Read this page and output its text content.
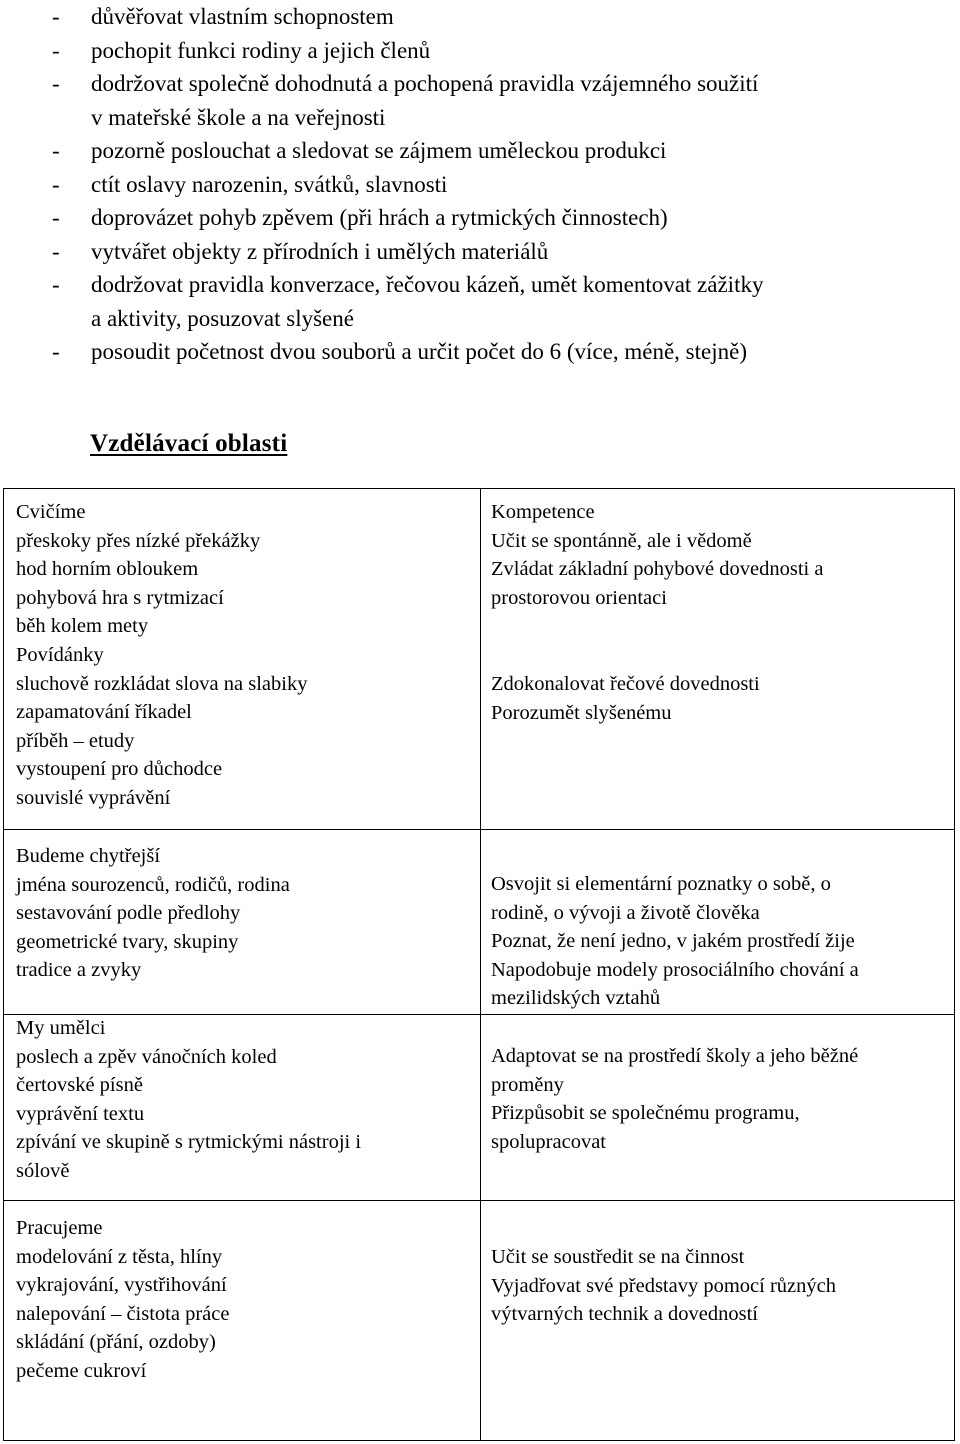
- důvěřovat vlastním schopnostem
- pochopit funkci rodiny a jejich členů
- dodržovat společně dohodnutá a pochopená pravidla vzájemného soužití
v mateřské škole a na veřejnosti
- pozorně poslouchat a sledovat se zájmem uměleckou produkci
- ctít oslavy narozenin, svátků, slavnosti
- doprovázet pohyb zpěvem (při hrách a rytmických činnostech)
- vytvářet objekty z přírodních i umělých materiálů
- dodržovat pravidla konverzace, řečovou kázeň, umět komentovat zážitky
a aktivity, posuzovat slyšené
- posoudit početnost dvou souborů a určit počet do 6 (více, méně, stejně)
Vzdělávací oblasti
Cvičíme
přeskoky přes nízké překážky
hod horním obloukem
pohybová hra s rytmizací
běh kolem mety
Povídánky
sluchově rozkládat slova na slabiky
zapamatování říkadel
příběh – etudy
vystoupení pro důchodce
souvislé vyprávění
Kompetence
Učit se spontánně, ale i vědomě
Zvládat základní pohybové dovednosti a
prostorovou orientaci
Zdokonalovat řečové dovednosti
Porozumět slyšenému
Budeme chytřejší
jména sourozenců, rodičů, rodina
sestavování podle předlohy
geometrické tvary, skupiny
tradice a zvyky
Osvojit si elementární poznatky o sobě, o
rodině, o vývoji a životě člověka
Poznat, že není jedno, v jakém prostředí žije
Napodobuje modely prosociálního chování a
mezilidských vztahů
My umělci
poslech a zpěv vánočních koled
čertovské písně
vyprávění textu
zpívání ve skupině s rytmickými nástroji i
sólově
Adaptovat se na prostředí školy a jeho běžné
proměny
Přizpůsobit se společnému programu,
spolupracovat
Pracujeme
modelování z těsta, hlíny
vykrajování, vystřihování
nalepování – čistota práce
skládání (přání, ozdoby)
pečeme cukroví
Učit se soustředit se na činnost
Vyjadřovat své představy pomocí různých
výtvarných technik a dovedností
